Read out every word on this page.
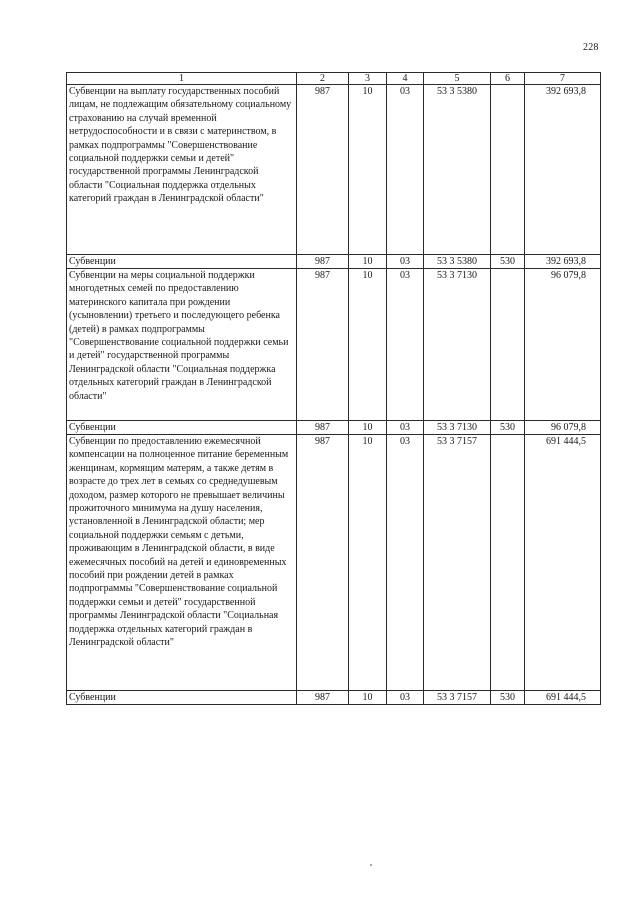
228
1	2	3	4	5	6	7
Субвенции на выплату государственных пособий лицам, не подлежащим обязательному социальному страхованию на случай временной нетрудоспособности и в связи с материнством, в рамках подпрограммы "Совершенствование социальной поддержки семьи и детей" государственной программы Ленинградской области "Социальная поддержка отдельных категорий граждан в Ленинградской области"	987	10	03	53 3 5380		392 693,8
Субвенции	987	10	03	53 3 5380	530	392 693,8
Субвенции на меры социальной поддержки многодетных семей по предоставлению материнского капитала при рождении (усыновлении) третьего и последующего ребенка (детей) в рамках подпрограммы "Совершенствование социальной поддержки семьи и детей" государственной программы Ленинградской области "Социальная поддержка отдельных категорий граждан в Ленинградской области"	987	10	03	53 3 7130		96 079,8
Субвенции	987	10	03	53 3 7130	530	96 079,8
Субвенции по предоставлению ежемесячной компенсации на полноценное питание беременным женщинам, кормящим матерям, а также детям в возрасте до трех лет в семьях со среднедушевым доходом, размер которого не превышает величины прожиточного минимума на душу населения, установленной в Ленинградской области; мер социальной поддержки семьям с детьми, проживающим в Ленинградской области, в виде ежемесячных пособий на детей и единовременных пособий при рождении детей в рамках подпрограммы "Совершенствование социальной поддержки семьи и детей" государственной программы Ленинградской области "Социальная поддержка отдельных категорий граждан в Ленинградской области"	987	10	03	53 3 7157		691 444,5
Субвенции	987	10	03	53 3 7157	530	691 444,5
